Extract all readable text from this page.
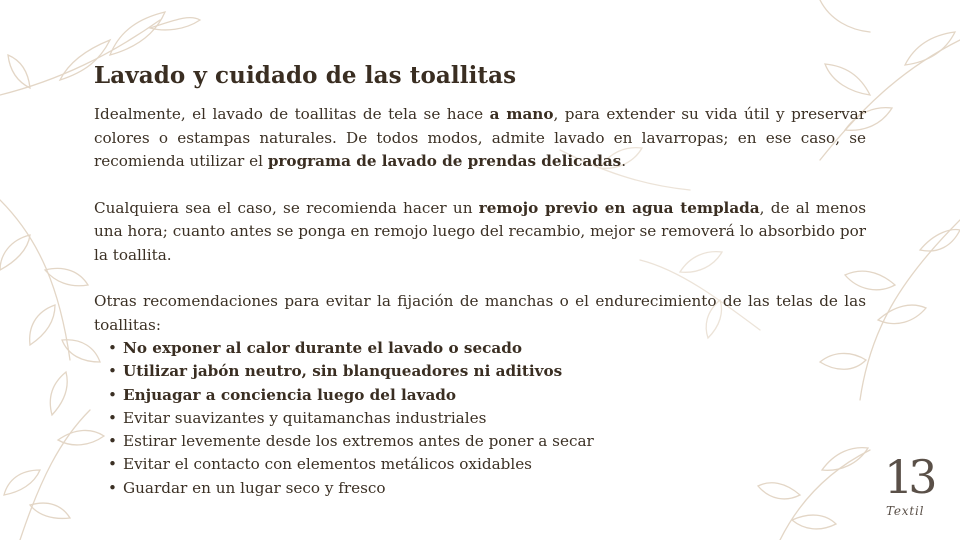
Lavado y cuidado de las toallitas

Idealmente, el lavado de toallitas de tela se hace a mano, para extender su vida útil y preservar colores o estampas naturales. De todos modos, admite lavado en lavarropas; en ese caso, se recomienda utilizar el programa de lavado de prendas delicadas.

Cualquiera sea el caso, se recomienda hacer un remojo previo en agua templada, de al menos una hora; cuanto antes se ponga en remojo luego del recambio, mejor se removerá lo absorbido por la toallita.

Otras recomendaciones para evitar la fijación de manchas o el endurecimiento de las telas de las toallitas:

• No exponer al calor durante el lavado o secado
• Utilizar jabón neutro, sin blanqueadores ni aditivos
• Enjuagar a conciencia luego del lavado
• Evitar suavizantes y quitamanchas industriales
• Estirar levemente desde los extremos antes de poner a secar
• Evitar el contacto con elementos metálicos oxidables
• Guardar en un lugar seco y fresco	13
Textil
